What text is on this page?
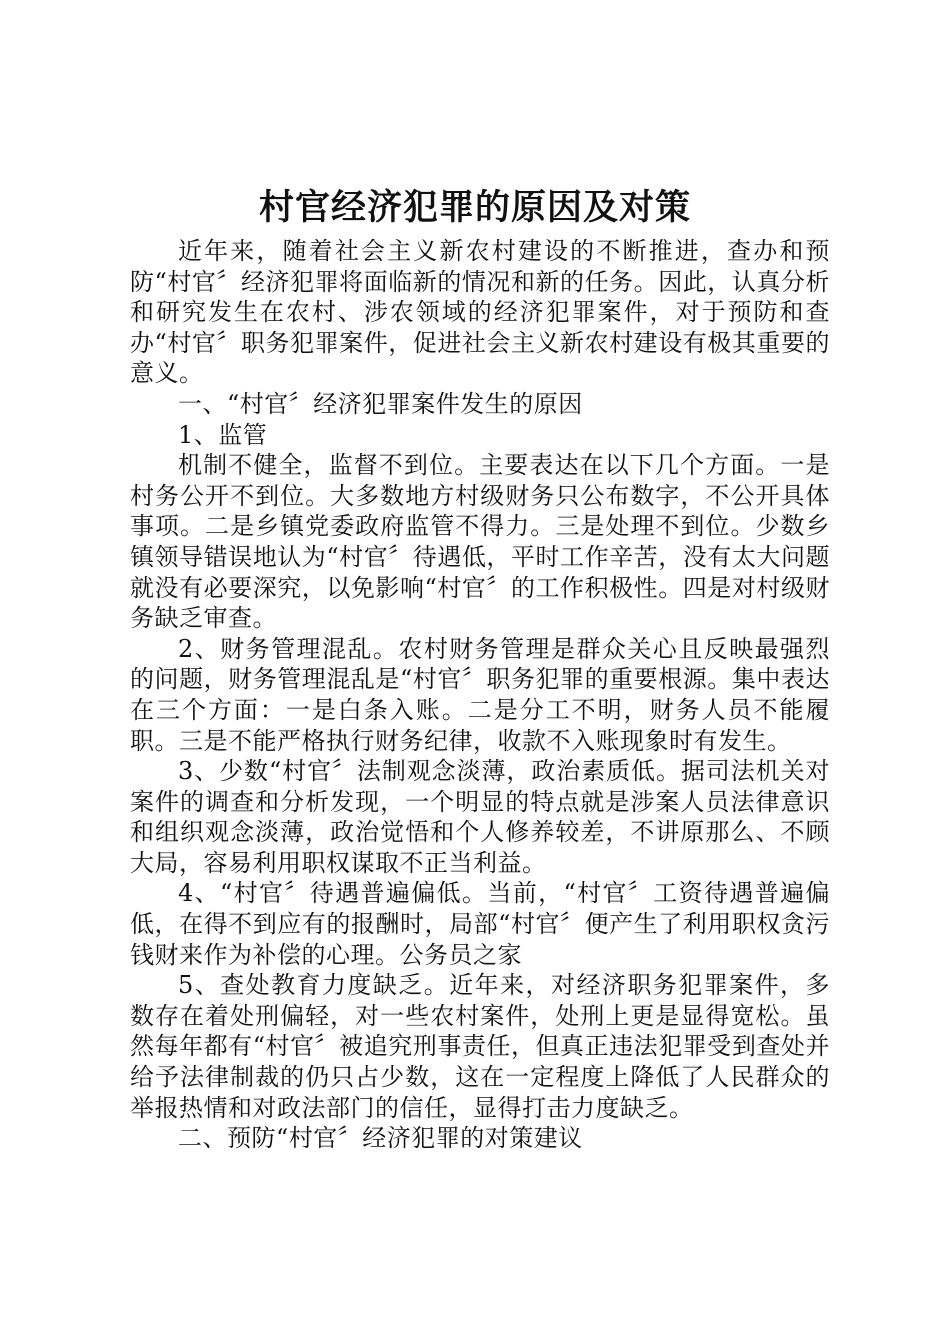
村官经济犯罪的原因及对策

近年来，随着社会主义新农村建设的不断推进，查办和预防“村官〞经济犯罪将面临新的情况和新的任务。因此，认真分析和研究发生在农村、涉农领域的经济犯罪案件，对于预防和查办“村官〞职务犯罪案件，促进社会主义新农村建设有极其重要的意义。

一、“村官〞经济犯罪案件发生的原因

1、监管

机制不健全，监督不到位。主要表达在以下几个方面。一是村务公开不到位。大多数地方村级财务只公布数字，不公开具体事项。二是乡镇党委政府监管不得力。三是处理不到位。少数乡镇领导错误地认为“村官〞待遇低，平时工作辛苦，没有太大问题就没有必要深究，以免影响“村官〞的工作积极性。四是对村级财务缺乏审查。

2、财务管理混乱。农村财务管理是群众关心且反映最强烈的问题，财务管理混乱是“村官〞职务犯罪的重要根源。集中表达在三个方面：一是白条入账。二是分工不明，财务人员不能履职。三是不能严格执行财务纪律，收款不入账现象时有发生。

3、少数“村官〞法制观念淡薄，政治素质低。据司法机关对案件的调查和分析发现，一个明显的特点就是涉案人员法律意识和组织观念淡薄，政治觉悟和个人修养较差，不讲原那么、不顾大局，容易利用职权谋取不正当利益。

4、“村官〞待遇普遍偏低。当前，“村官〞工资待遇普遍偏低，在得不到应有的报酬时，局部“村官〞便产生了利用职权贪污钱财来作为补偿的心理。公务员之家

5、查处教育力度缺乏。近年来，对经济职务犯罪案件，多数存在着处刑偏轻，对一些农村案件，处刑上更是显得宽松。虽然每年都有“村官〞被追究刑事责任，但真正违法犯罪受到查处并给予法律制裁的仍只占少数，这在一定程度上降低了人民群众的举报热情和对政法部门的信任，显得打击力度缺乏。

二、预防“村官〞经济犯罪的对策建议
